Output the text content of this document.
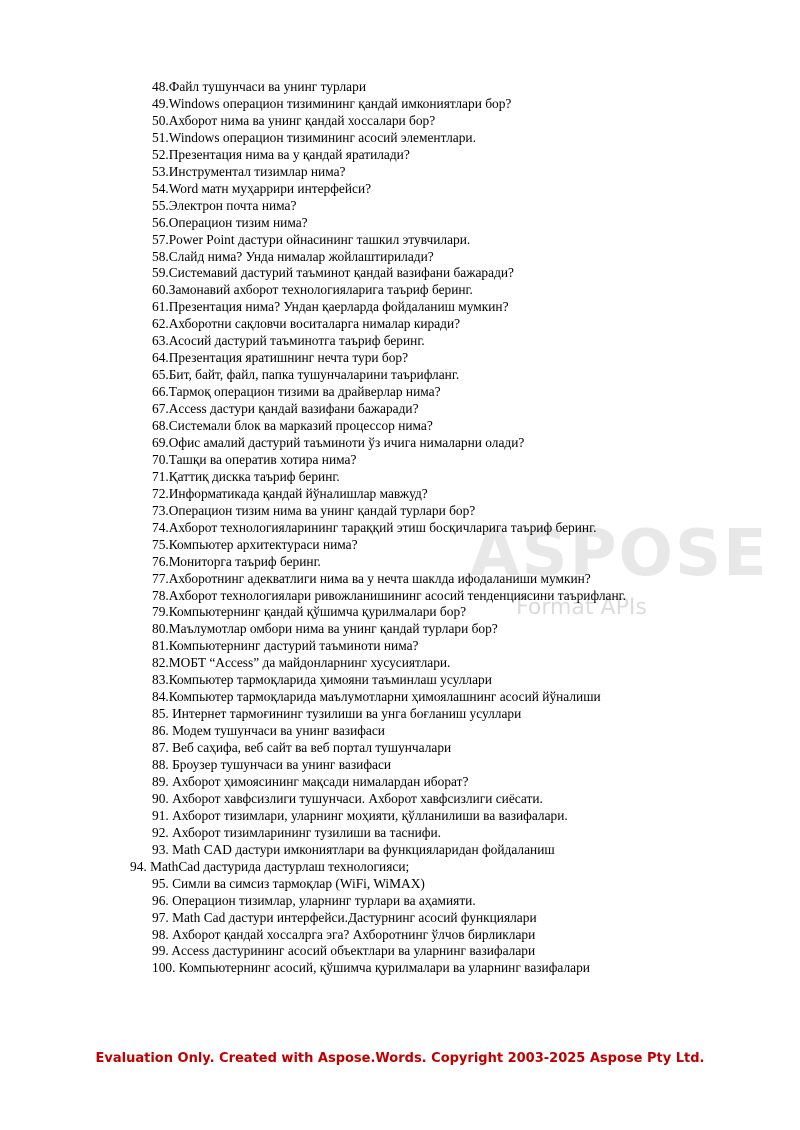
ASPOSE
Format APIs
48.Файл тушунчаси ва унинг турлари
49.Windows операцион тизимининг қандай имкониятлари бор?
50.Ахборот нима ва унинг қандай хоссалари бор?
51.Windows операцион тизимининг асосий элементлари.
52.Презентация нима ва у қандай яратилади?
53.Инструментал тизимлар нима?
54.Word матн муҳаррири интерфейси?
55.Электрон почта нима?
56.Операцион тизим нима?
57.Power Point дастури ойнасининг ташкил этувчилари.
58.Слайд нима? Унда нималар жойлаштирилади?
59.Системавий дастурий таъминот қандай вазифани бажаради?
60.Замонавий ахборот технологияларига таъриф беринг.
61.Презентация нима? Ундан қаерларда фойдаланиш мумкин?
62.Ахборотни сақловчи воситаларга нималар киради?
63.Асосий дастурий таъминотга таъриф беринг.
64.Презентация яратишнинг нечта тури бор?
65.Бит, байт, файл, папка тушунчаларини таърифланг.
66.Тармоқ операцион тизими ва драйверлар нима?
67.Access дастури қандай вазифани бажаради?
68.Системали блок ва марказий процессор нима?
69.Офис амалий дастурий таъминоти ўз ичига нималарни олади?
70.Ташқи ва оператив хотира нима?
71.Қаттиқ дискка таъриф беринг.
72.Информатикада қандай йўналишлар мавжуд?
73.Операцион тизим нима ва унинг қандай турлари бор?
74.Ахборот технологияларининг тараққий этиш босқичларига таъриф беринг.
75.Компьютер архитектураси нима?
76.Мониторга таъриф беринг.
77.Ахборотнинг адекватлиги нима ва у нечта шаклда ифодаланиши мумкин?
78.Ахборот технологиялари ривожланишининг асосий тенденциясини таърифланг.
79.Компьютернинг қандай қўшимча қурилмалари бор?
80.Маълумотлар омбори нима ва унинг қандай турлари бор?
81.Компьютернинг дастурий таъминоти нима?
82.МОБТ “Access” да майдонларнинг хусусиятлари.
83.Компьютер тармоқларида ҳимояни таъминлаш усуллари
84.Компьютер тармоқларида маълумотларни ҳимоялашнинг асосий йўналиши
85. Интернет тармоғининг тузилиши ва унга боғланиш усуллари
86. Модем тушунчаси ва унинг вазифаси
87. Веб саҳифа, веб сайт ва веб портал тушунчалари
88. Броузер тушунчаси ва унинг вазифаси
89. Ахборот ҳимоясининг мақсади нималардан иборат?
90. Ахборот хавфсизлиги тушунчаси. Ахборот хавфсизлиги сиёсати.
91. Ахборот тизимлари, уларнинг моҳияти, қўлланилиши ва вазифалари.
92. Ахборот тизимларининг тузилиши ва таснифи.
93. Math CAD дастури имкониятлари ва функцияларидан фойдаланиш
94. MathCad дастурида дастурлаш технологияси;
95. Симли ва симсиз тармоқлар (WiFi, WiMAX)
96. Операцион тизимлар, уларнинг турлари ва аҳамияти.
97. Math Cad дастури интерфейси.Дастурнинг асосий функциялари
98. Ахборот қандай хоссалрга эга? Ахборотнинг ўлчов бирликлари
99. Access дастурининг асосий объектлари ва уларнинг вазифалари
100. Компьютернинг асосий, қўшимча қурилмалари ва уларнинг вазифалари
Evaluation Only. Created with Aspose.Words. Copyright 2003-2025 Aspose Pty Ltd.
